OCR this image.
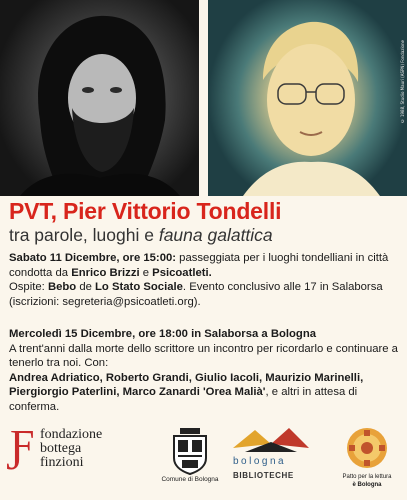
© 1988, Studio Mauri (ASPN) Fondazione
PVT, Pier Vittorio Tondelli
tra parole, luoghi e fauna galattica
Sabato 11 Dicembre, ore 15:00: passeggiata per i luoghi tondelliani in città condotta da Enrico Brizzi e Psicoatleti.
Ospite: Bebo de Lo Stato Sociale. Evento conclusivo alle 17 in Salaborsa (iscrizioni: segreteria@psicoatleti.org).
Mercoledì 15 Dicembre, ore 18:00 in Salaborsa a Bologna
A trent'anni dalla morte dello scrittore un incontro per ricordarlo e continuare a tenerlo tra noi. Con:
Andrea Adriatico, Roberto Grandi, Giulio Iacoli, Maurizio Marinelli, Piergiorgio Paterlini, Marco Zanardi 'Orea Malià', e altri in attesa di conferma.
Ƒ fondazione
bottega
finzioni
Comune di Bologna
bologna
BIBLIOTECHE	Patto per la lettura
è Bologna
